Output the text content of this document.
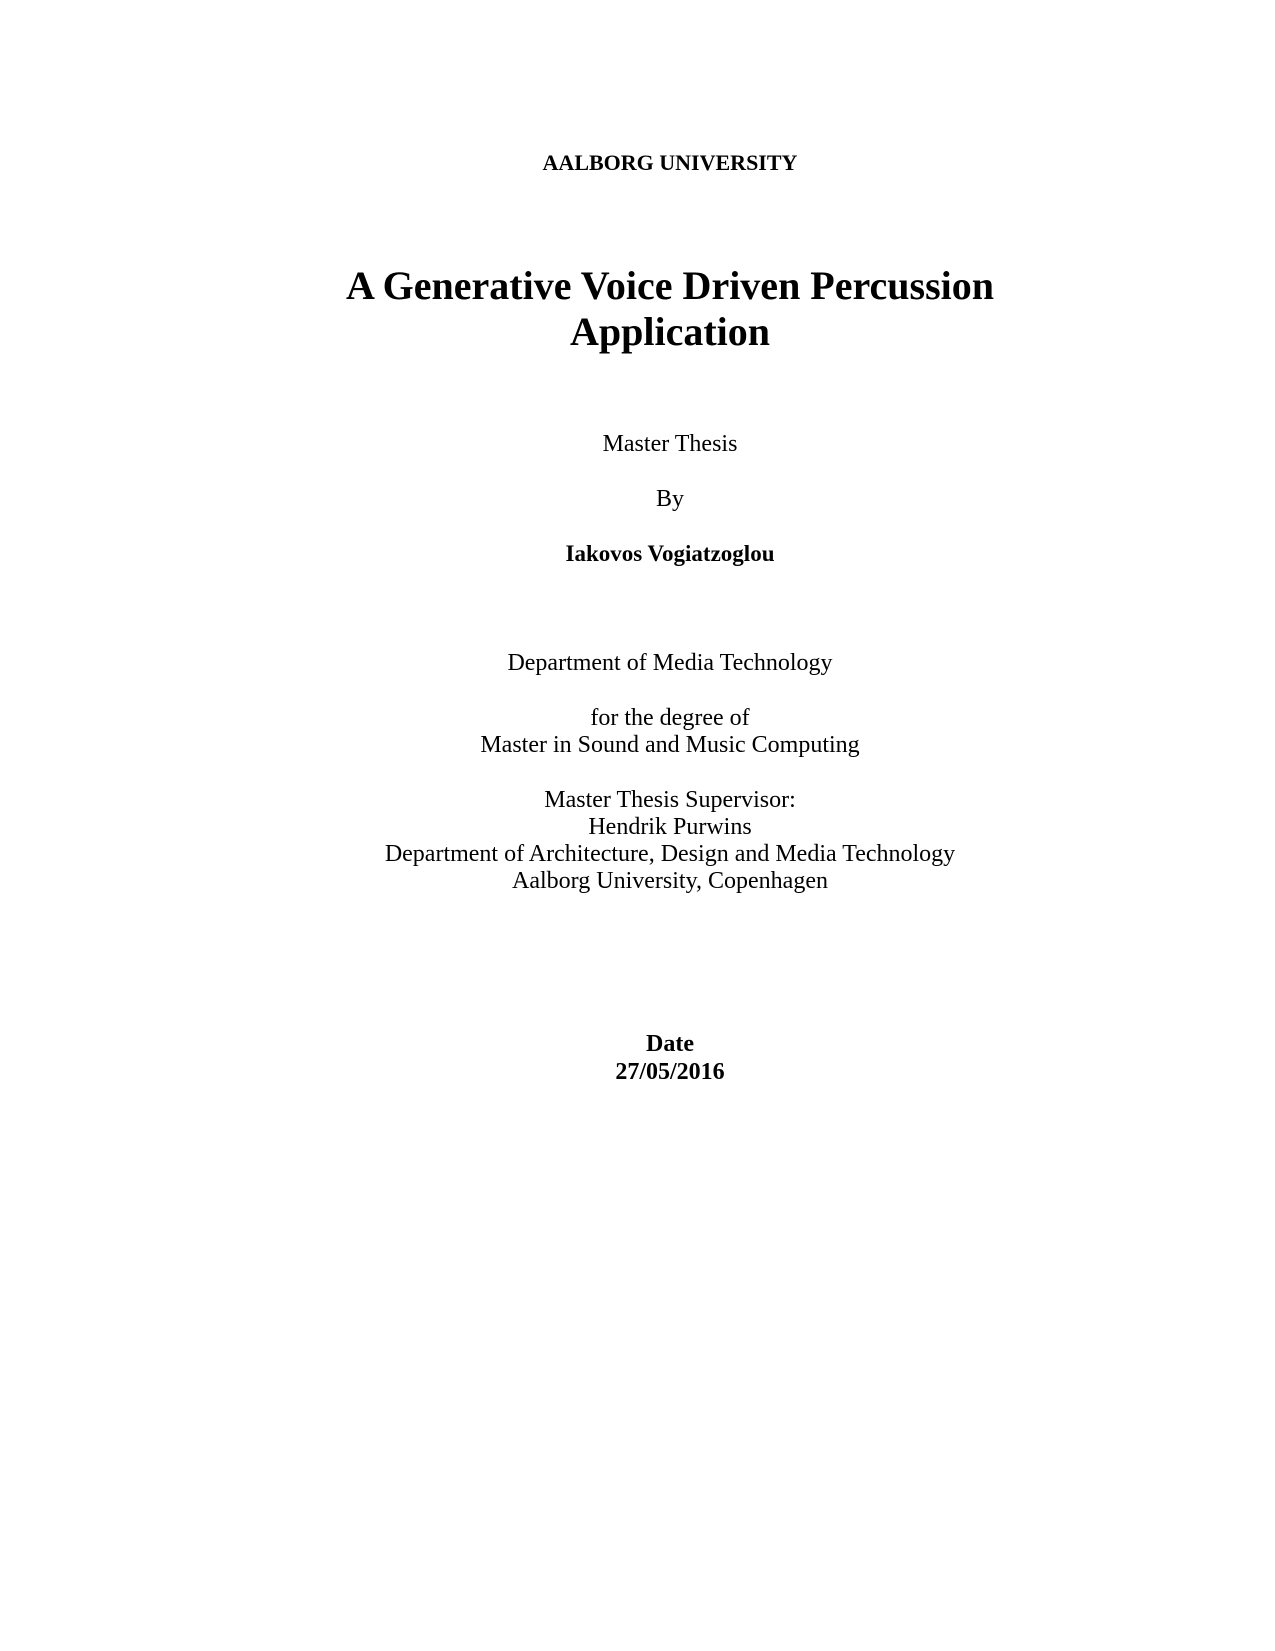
AALBORG UNIVERSITY
A Generative Voice Driven Percussion
Application
Master Thesis
By
Iakovos Vogiatzoglou
Department of Media Technology
for the degree of
Master in Sound and Music Computing
Master Thesis Supervisor:
Hendrik Purwins
Department of Architecture, Design and Media Technology
Aalborg University, Copenhagen
Date
27/05/2016
